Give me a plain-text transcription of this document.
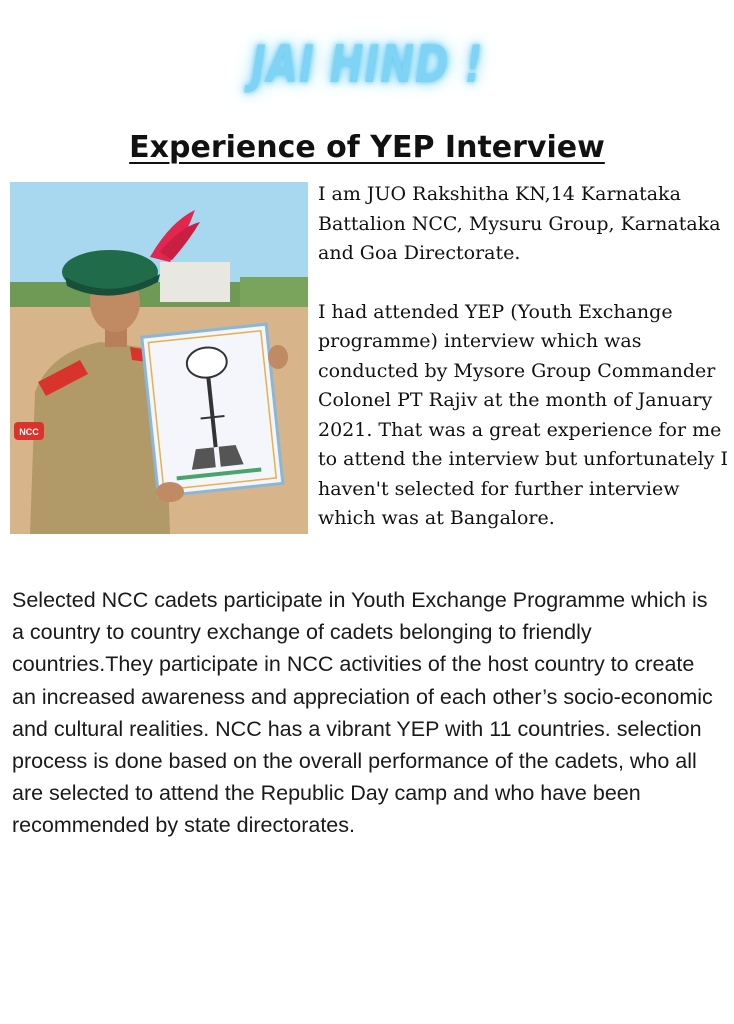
JAI HIND !
Experience of YEP Interview
NCC

I am JUO Rakshitha KN,14 Karnataka Battalion NCC, Mysuru Group, Karnataka and Goa Directorate.

I had attended YEP (Youth Exchange programme) interview which was conducted by Mysore Group Commander Colonel PT Rajiv at the month of January 2021. That was a great experience for me to attend the interview but unfortunately I haven't selected for further interview which was at Bangalore.

Selected NCC cadets participate in Youth Exchange Programme which is a country to country exchange of cadets belonging to friendly countries.They participate in NCC activities of the host country to create an increased awareness and appreciation of each other’s socio-economic and cultural realities. NCC has a vibrant YEP with 11 countries. selection process is done based on the overall performance of the cadets, who all are selected to attend the Republic Day camp and who have been recommended by state directorates.
